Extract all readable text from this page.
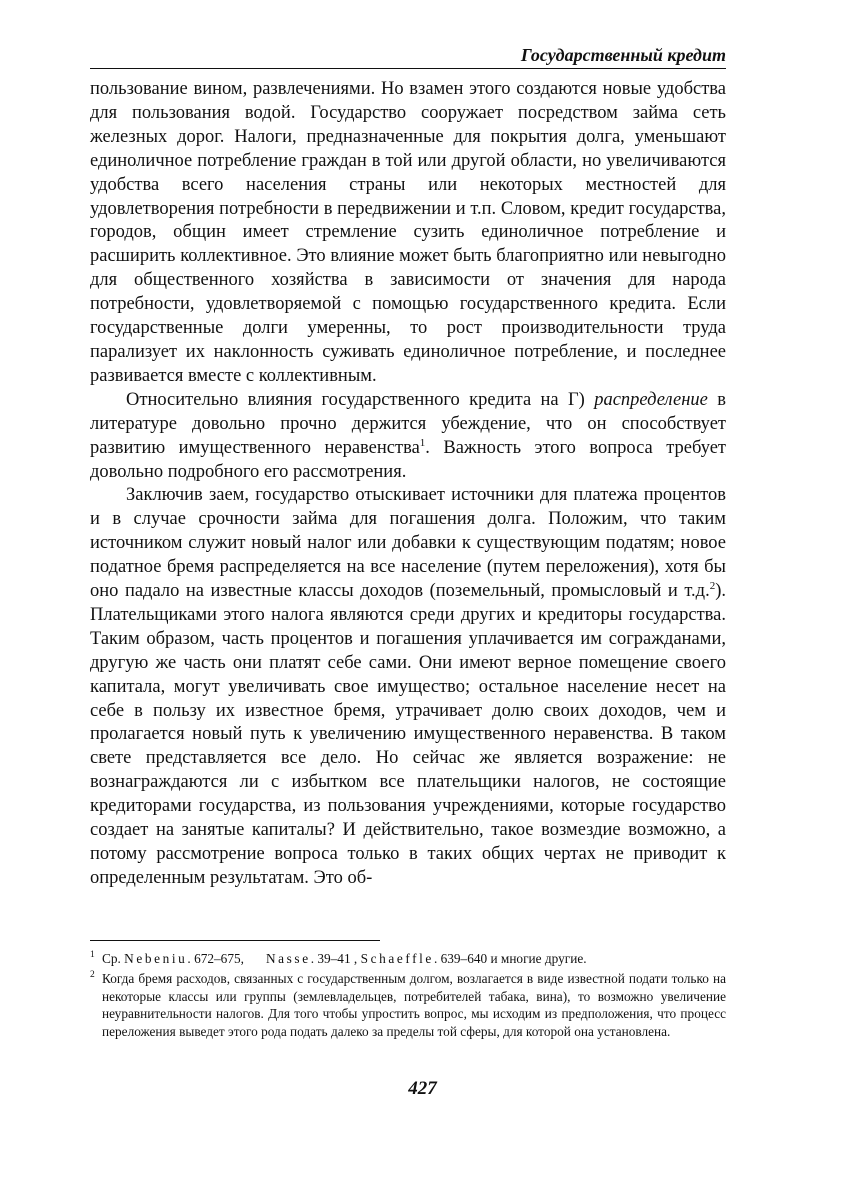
Государственный кредит

пользование вином, развлечениями. Но взамен этого создаются новые удобства для пользования водой. Государство сооружает посредством займа сеть железных дорог. Налоги, предназначенные для покрытия долга, уменьшают единоличное потребление граждан в той или другой области, но увеличиваются удобства всего населения страны или некоторых местностей для удовлетворения потребности в передвижении и т.п. Словом, кредит государства, городов, общин имеет стремление сузить единоличное потребление и расширить коллективное. Это влияние может быть благоприятно или невыгодно для общественного хозяйства в зависимости от значения для народа потребности, удовлетворяемой с помощью государственного кредита. Если государственные долги умеренны, то рост производительности труда парализует их наклонность суживать единоличное потребление, и последнее развивается вместе с коллективным.

Относительно влияния государственного кредита на Г) распределение в литературе довольно прочно держится убеждение, что он способствует развитию имущественного неравенства$^1$. Важность этого вопроса требует довольно подробного его рассмотрения.

Заключив заем, государство отыскивает источники для платежа процентов и в случае срочности займа для погашения долга. Положим, что таким источником служит новый налог или добавки к существующим податям; новое податное бремя распределяется на все население (путем переложения), хотя бы оно падало на известные классы доходов (поземельный, промысловый и т.д.$^2$). Плательщиками этого налога являются среди других и кредиторы государства. Таким образом, часть процентов и погашения уплачивается им согражданами, другую же часть они платят себе сами. Они имеют верное помещение своего капитала, могут увеличивать свое имущество; остальное население несет на себе в пользу их известное бремя, утрачивает долю своих доходов, чем и пролагается новый путь к увеличению имущественного неравенства. В таком свете представляется все дело. Но сейчас же является возражение: не вознаграждаются ли с избытком все плательщики налогов, не состоящие кредиторами государства, из пользования учреждениями, которые государство создает на занятые капиталы? И действительно, такое возмездие возможно, а потому рассмотрение вопроса только в таких общих чертах не приводит к определенным результатам. Это об-

1 Ср. Nebeniu. 672–675, Nasse. 39–41 , Schaeffle. 639–640 и многие другие.

2 Когда бремя расходов, связанных с государственным долгом, возлагается в виде известной подати только на некоторые классы или группы (землевладельцев, потребителей табака, вина), то возможно увеличение неуравнительности налогов. Для того чтобы упростить вопрос, мы исходим из предположения, что процесс переложения выведет этого рода подать далеко за пределы той сферы, для которой она установлена.

427
